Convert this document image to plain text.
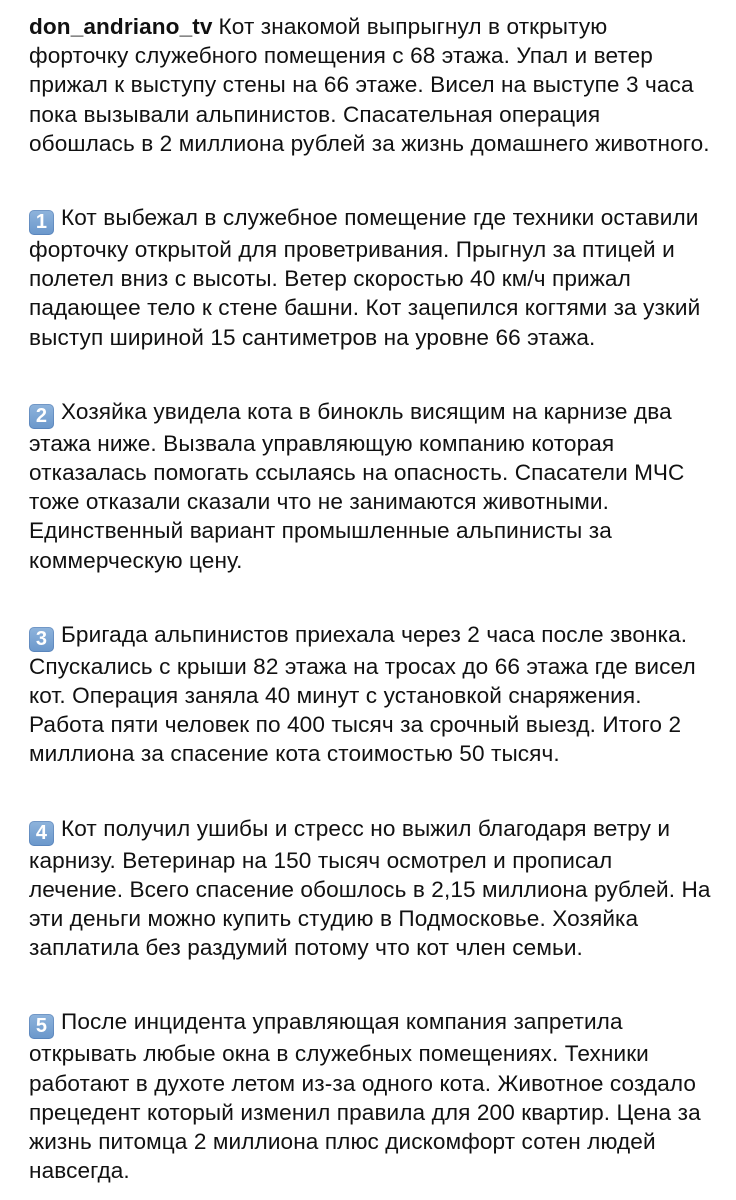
don_andriano_tv Кот знакомой выпрыгнул в открытую форточку служебного помещения с 68 этажа. Упал и ветер прижал к выступу стены на 66 этаже. Висел на выступе 3 часа пока вызывали альпинистов. Спасательная операция обошлась в 2 миллиона рублей за жизнь домашнего животного.

1 Кот выбежал в служебное помещение где техники оставили форточку открытой для проветривания. Прыгнул за птицей и полетел вниз с высоты. Ветер скоростью 40 км/ч прижал падающее тело к стене башни. Кот зацепился когтями за узкий выступ шириной 15 сантиметров на уровне 66 этажа.

2 Хозяйка увидела кота в бинокль висящим на карнизе два этажа ниже. Вызвала управляющую компанию которая отказалась помогать ссылаясь на опасность. Спасатели МЧС тоже отказали сказали что не занимаются животными. Единственный вариант промышленные альпинисты за коммерческую цену.

3 Бригада альпинистов приехала через 2 часа после звонка. Спускались с крыши 82 этажа на тросах до 66 этажа где висел кот. Операция заняла 40 минут с установкой снаряжения. Работа пяти человек по 400 тысяч за срочный выезд. Итого 2 миллиона за спасение кота стоимостью 50 тысяч.

4 Кот получил ушибы и стресс но выжил благодаря ветру и карнизу. Ветеринар на 150 тысяч осмотрел и прописал лечение. Всего спасение обошлось в 2,15 миллиона рублей. На эти деньги можно купить студию в Подмосковье. Хозяйка заплатила без раздумий потому что кот член семьи.

5 После инцидента управляющая компания запретила открывать любые окна в служебных помещениях. Техники работают в духоте летом из-за одного кота. Животное создало прецедент который изменил правила для 200 квартир. Цена за жизнь питомца 2 миллиона плюс дискомфорт сотен людей навсегда.
